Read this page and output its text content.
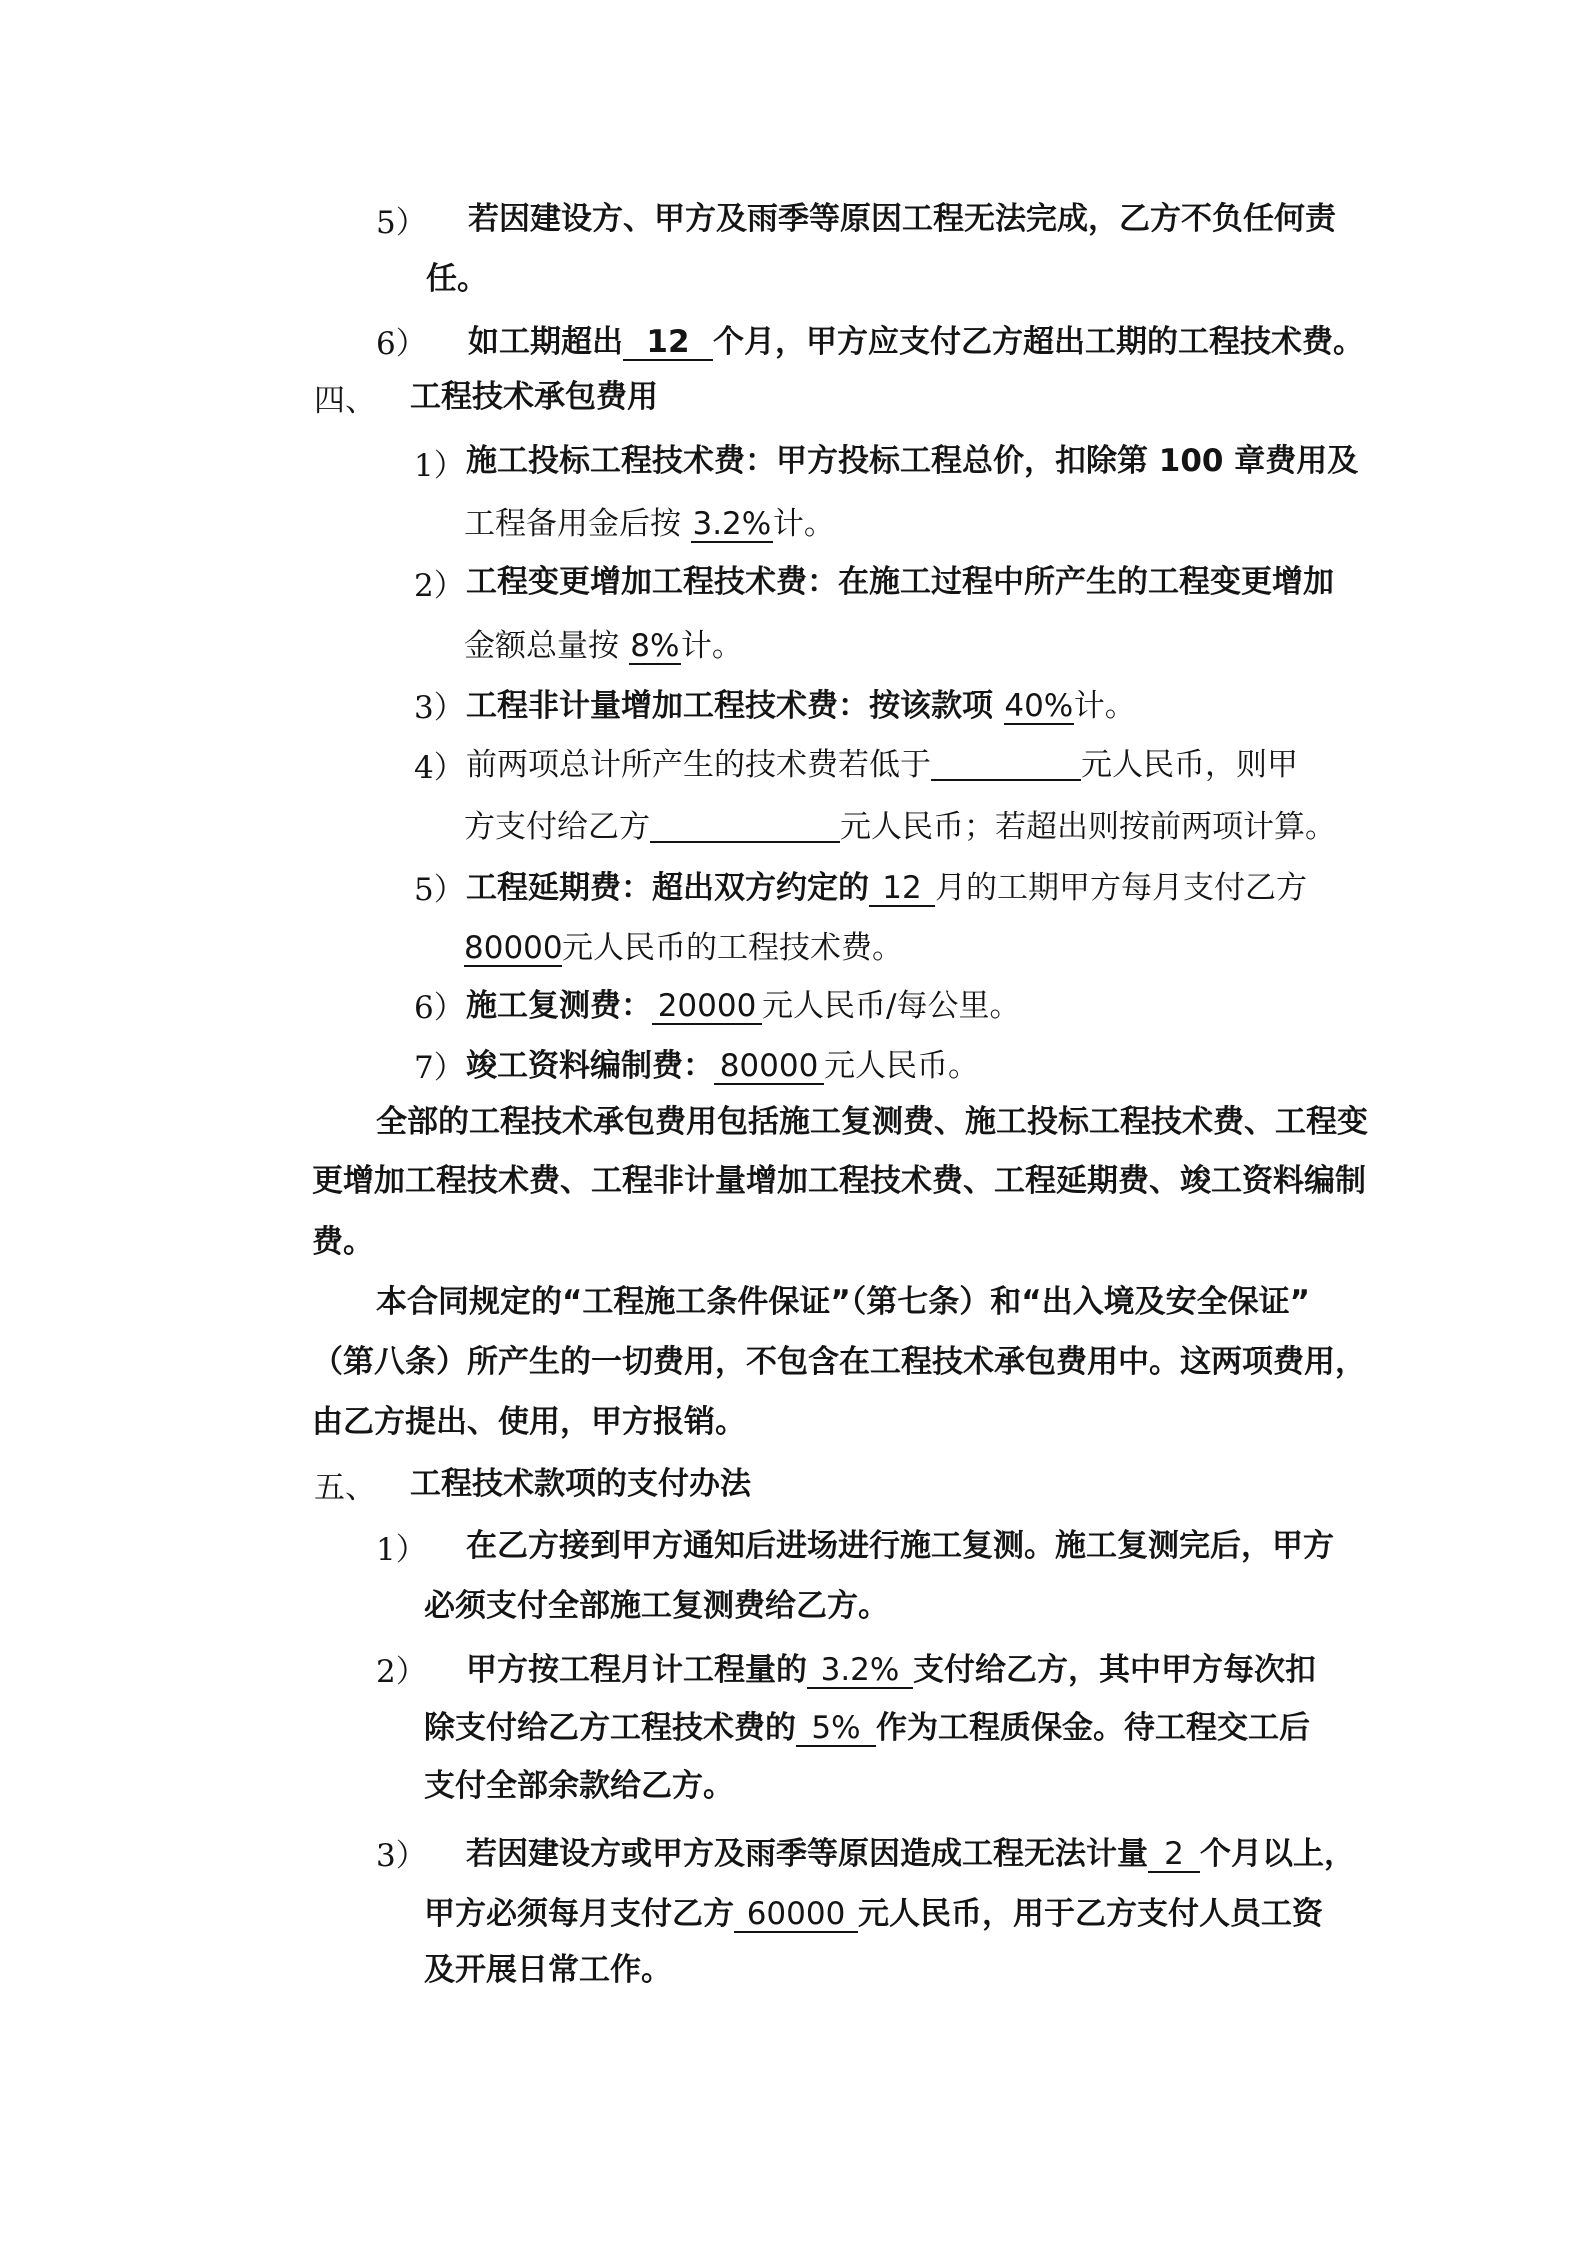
5） 若因建设方、甲方及雨季等原因工程无法完成，乙方不负任何责
任。
6） 如工期超出 12 个月，甲方应支付乙方超出工期的工程技术费。
四、 工程技术承包费用
1） 施工投标工程技术费：甲方投标工程总价，扣除第 100 章费用及
工程备用金后按 3.2%计。
2） 工程变更增加工程技术费：在施工过程中所产生的工程变更增加
金额总量按 8%计。
3） 工程非计量增加工程技术费：按该款项 40%计。
4） 前两项总计所产生的技术费若低于	元人民币，则甲
方支付给乙方	元人民币；若超出则按前两项计算。
5） 工程延期费：超出双方约定的 12 月的工期甲方每月支付乙方
80000元人民币的工程技术费。
6） 施工复测费： 20000 元人民币/每公里。
7） 竣工资料编制费： 80000 元人民币。
全部的工程技术承包费用包括施工复测费、施工投标工程技术费、工程变
更增加工程技术费、工程非计量增加工程技术费、工程延期费、竣工资料编制
费。
本合同规定的“工程施工条件保证”（第七条）和“出入境及安全保证”
（第八条）所产生的一切费用，不包含在工程技术承包费用中。这两项费用，
由乙方提出、使用，甲方报销。
五、 工程技术款项的支付办法
1） 在乙方接到甲方通知后进场进行施工复测。施工复测完后，甲方
必须支付全部施工复测费给乙方。
2） 甲方按工程月计工程量的 3.2% 支付给乙方，其中甲方每次扣
除支付给乙方工程技术费的 5% 作为工程质保金。待工程交工后
支付全部余款给乙方。
3） 若因建设方或甲方及雨季等原因造成工程无法计量 2 个月以上，
甲方必须每月支付乙方 60000 元人民币，用于乙方支付人员工资
及开展日常工作。
